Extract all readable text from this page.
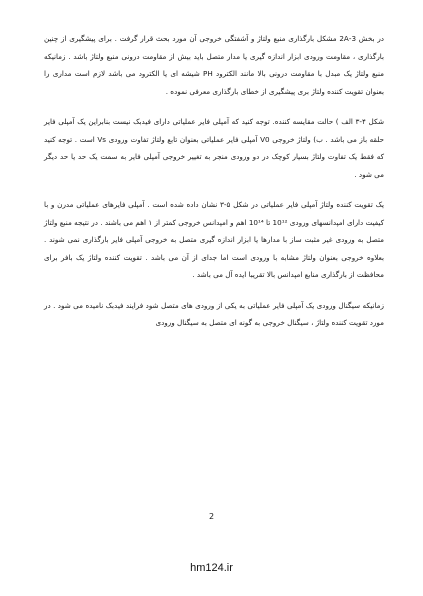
در بخش 3-2A مشکل بارگذاری منبع ولتاژ و آشفتگی خروجی آن مورد بحث قرار گرفت . برای پیشگیری از چنین بارگذاری ، مقاومت ورودی ابزار اندازه گیری یا مدار متصل باید بیش از مقاومت درونی منبع ولتاژ باشد . زمانیکه منبع ولتاژ یک مبدل با مقاومت درونی بالا مانند الکترود PH شیشه ای یا الکترود می باشد لازم است مداری را بعنوان تقویت کننده ولتاژ بری پیشگیری از خطای بارگذاری معرفی نموده .

شکل ۴-۳ الف ) حالت مقایسه کننده. توجه کنید که آمپلی فایر عملیاتی دارای فیدبک نیست بنابراین یک آمپلی فایر حلقه باز می باشد . ب) ولتاژ خروجی V0 آمپلی فایر عملیاتی بعنوان تابع ولتاژ تفاوت ورودی Vs است . توجه کنید که فقط یک تفاوت ولتاژ بسیار کوچک در دو ورودی منجر به تغییر خروجی آمپلی فایر به سمت یک حد یا حد دیگر می شود .

یک تقویت کننده ولتاژ آمپلی فایر عملیاتی در شکل ۵-۳ نشان داده شده است . آمپلی فایرهای عملیاتی مدرن و با کیفیت دارای امپدانسهای ورودی 10¹² تا 10¹⁴ اهم و امپدانس خروجی کمتر از ۱ اهم می باشند . در نتیجه منبع ولتاژ متصل به ورودی غیر مثبت ساز با مدارها یا ابزار اندازه گیری متصل به خروجی آمپلی فایر بارگذاری نمی شوند . بعلاوه خروجی بعنوان ولتاژ مشابه با ورودی است اما جدای از آن می باشد . تقویت کننده ولتاژ یک بافر برای محافظت از بارگذاری منابع امپدانس بالا تقریبا ایده آل می باشد .

زمانیکه سیگنال ورودی یک آمپلی فایر عملیاتی به یکی از ورودی های متصل شود فرایند فیدبک نامیده می شود . در مورد تقویت کننده ولتاژ ، سیگنال خروجی به گونه ای متصل به سیگنال ورودی

2
hm124.ir
